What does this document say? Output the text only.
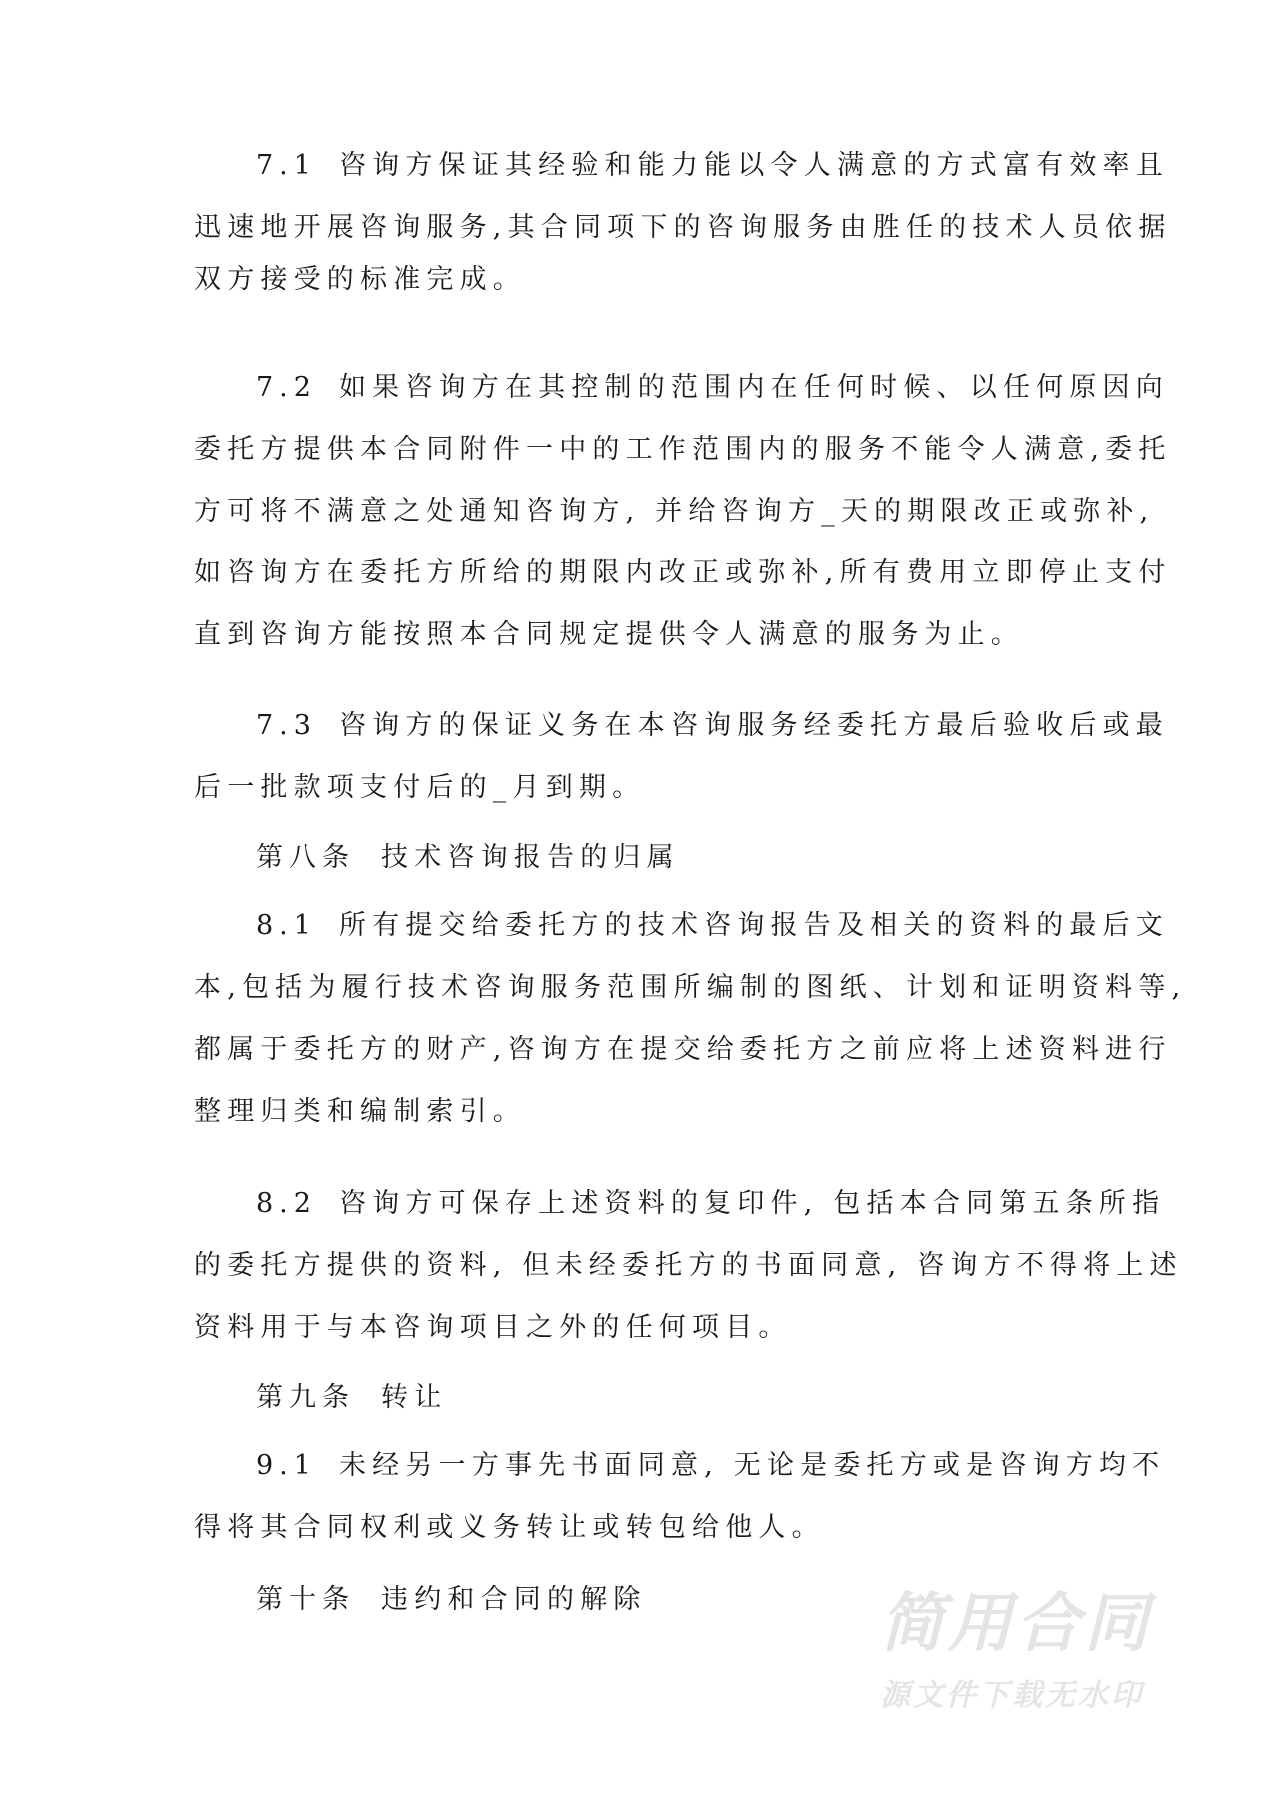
7.1 咨询方保证其经验和能力能以令人满意的方式富有效率且
迅速地开展咨询服务,其合同项下的咨询服务由胜任的技术人员依据
双方接受的标准完成。
7.2 如果咨询方在其控制的范围内在任何时候、以任何原因向
委托方提供本合同附件一中的工作范围内的服务不能令人满意,委托
方可将不满意之处通知咨询方, 并给咨询方_天的期限改正或弥补,
如咨询方在委托方所给的期限内改正或弥补,所有费用立即停止支付
直到咨询方能按照本合同规定提供令人满意的服务为止。
7.3 咨询方的保证义务在本咨询服务经委托方最后验收后或最
后一批款项支付后的_月到期。
第八条 技术咨询报告的归属
8.1 所有提交给委托方的技术咨询报告及相关的资料的最后文
本,包括为履行技术咨询服务范围所编制的图纸、计划和证明资料等,
都属于委托方的财产,咨询方在提交给委托方之前应将上述资料进行
整理归类和编制索引。
8.2 咨询方可保存上述资料的复印件, 包括本合同第五条所指
的委托方提供的资料, 但未经委托方的书面同意, 咨询方不得将上述
资料用于与本咨询项目之外的任何项目。
第九条 转让
9.1 未经另一方事先书面同意, 无论是委托方或是咨询方均不
得将其合同权利或义务转让或转包给他人。
第十条 违约和合同的解除	简用合同
源文件下载无水印
